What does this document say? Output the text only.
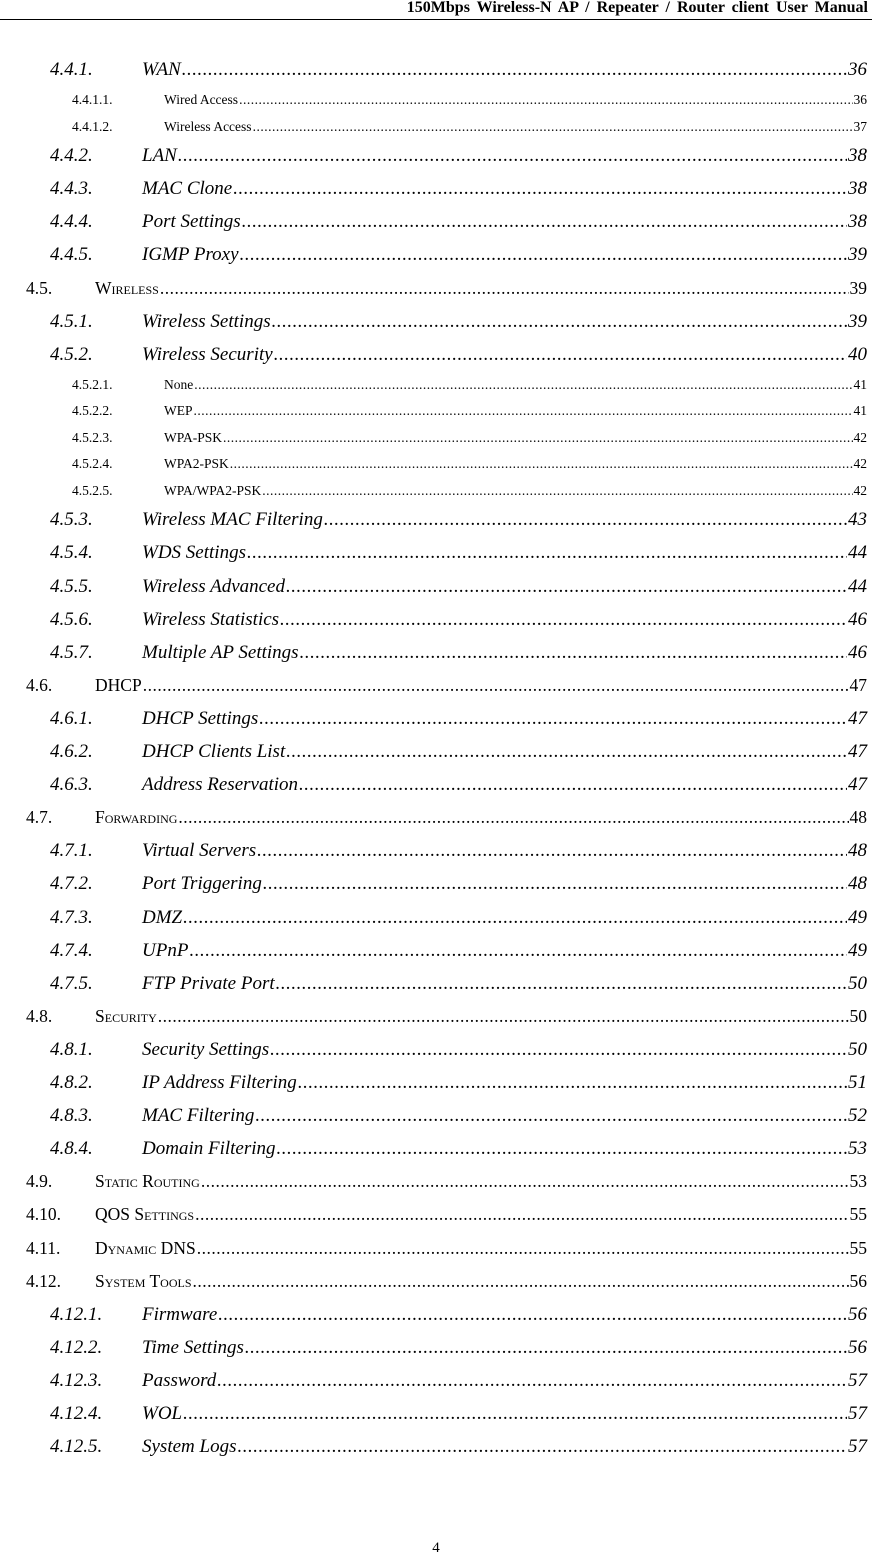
150Mbps Wireless-N AP / Repeater / Router client User Manual
4.4.1.	WAN .....	36
4.4.1.1.	Wired Access .....	36
4.4.1.2.	Wireless Access .....	37
4.4.2.	LAN .....	38
4.4.3.	MAC Clone .....	38
4.4.4.	Port Settings .....	38
4.4.5.	IGMP Proxy .....	39
4.5. Wireless .....	39
4.5.1.	Wireless Settings .....	39
4.5.2.	Wireless Security .....	40
4.5.2.1.	None .....	41
4.5.2.2.	WEP .....	41
4.5.2.3.	WPA-PSK .....	42
4.5.2.4.	WPA2-PSK .....	42
4.5.2.5.	WPA/WPA2-PSK .....	42
4.5.3.	Wireless MAC Filtering .....	43
4.5.4.	WDS Settings .....	44
4.5.5.	Wireless Advanced .....	44
4.5.6.	Wireless Statistics .....	46
4.5.7.	Multiple AP Settings .....	46
4.6. DHCP .....	47
4.6.1.	DHCP Settings .....	47
4.6.2.	DHCP Clients List .....	47
4.6.3.	Address Reservation .....	47
4.7. Forwarding .....	48
4.7.1.	Virtual Servers .....	48
4.7.2.	Port Triggering .....	48
4.7.3.	DMZ .....	49
4.7.4.	UPnP .....	49
4.7.5.	FTP Private Port .....	50
4.8. Security .....	50
4.8.1.	Security Settings .....	50
4.8.2.	IP Address Filtering .....	51
4.8.3.	MAC Filtering .....	52
4.8.4.	Domain Filtering .....	53
4.9. Static Routing .....	53
4.10. QOS Settings .....	55
4.11. Dynamic DNS .....	55
4.12. System Tools .....	56
4.12.1. Firmware .....	56
4.12.2. Time Settings .....	56
4.12.3. Password .....	57
4.12.4. WOL .....	57
4.12.5. System Logs .....	57
4
